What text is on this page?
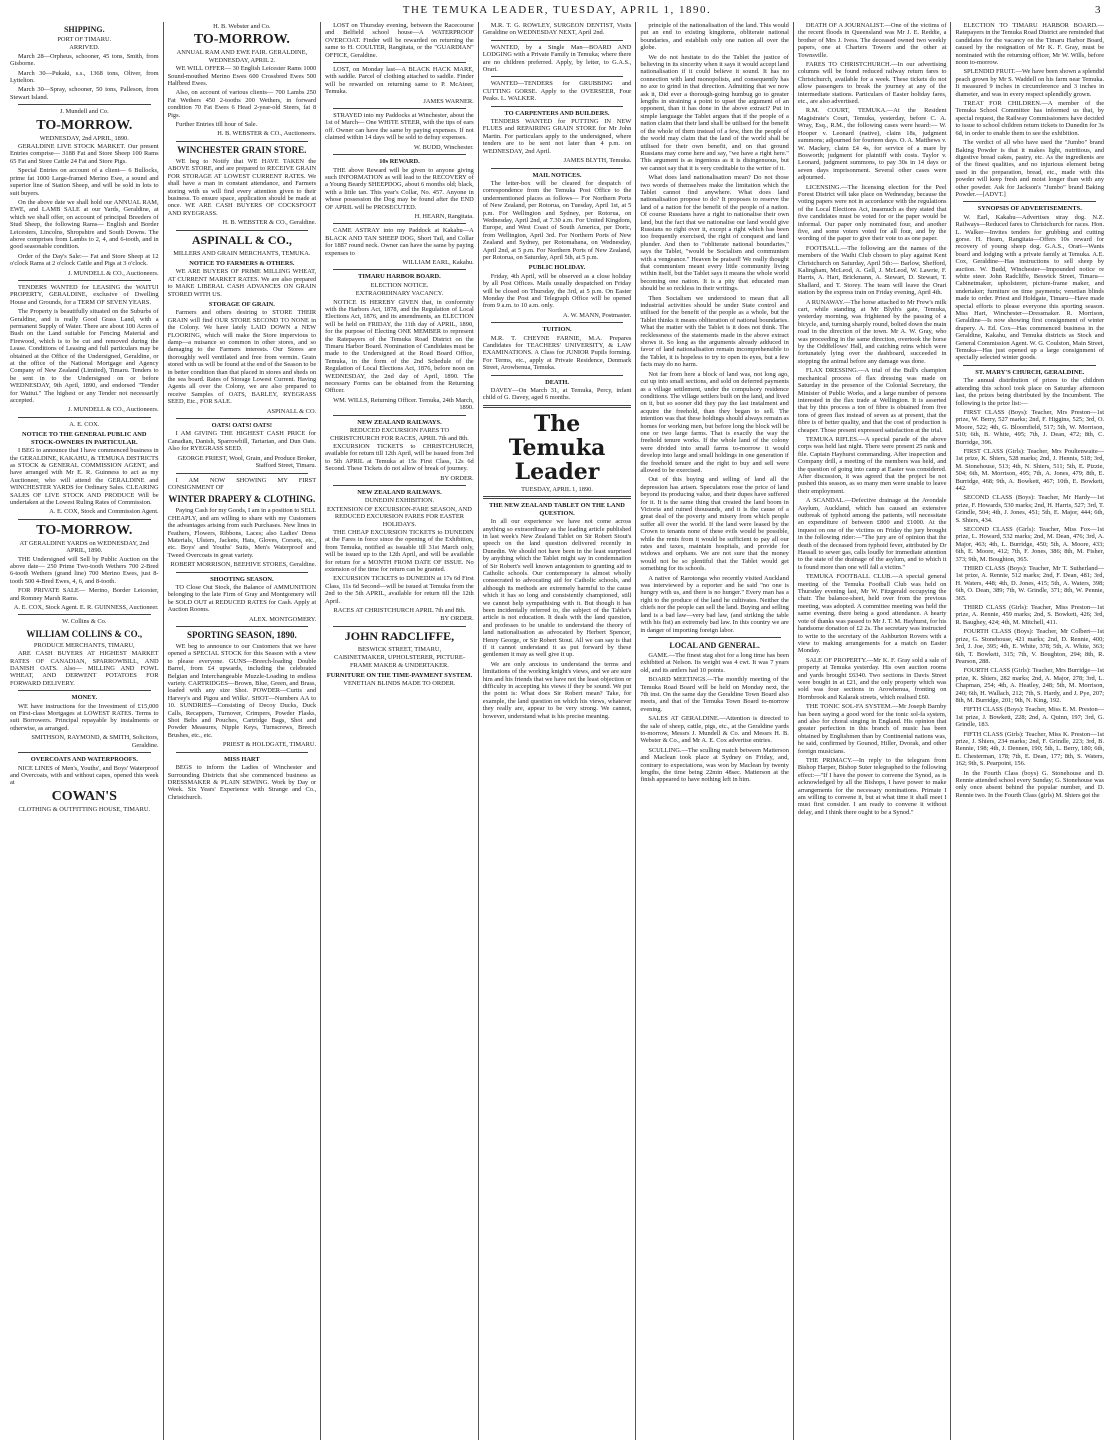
THE TEMUKA LEADER, TUESDAY, APRIL 1, 1890.	3
SHIPPING.
PORT OF TIMARU.
ARRIVED.

March 28—Orpheus, schooner, 45 tons, Smith, from Gisborne.

March 30—Pukaki, s.s., 1368 tons, Oliver, from Lyttelton.

March 30—Spray, schooner, 50 tons, Palleson, from Stewart Island.

J. Mundell and Co.
TO-MORROW.
WEDNESDAY, 2nd APRIL, 1890.

GERALDINE LIVE STOCK MARKET. Our present Entries comprise— 3188 Fat and Store Sheep 100 Rams 65 Fat and Store Cattle 24 Fat and Store Pigs.

Special Entries on account of a client— 6 Bullocks, prime fat 1000 Large-framed Merino Ewe, a sound and superior line of Station Sheep, and will be sold in lots to suit buyers.

On the above date we shall hold our ANNUAL RAM, EWE, and LAMB SALE at our Yards, Geraldine, at which we shall offer, on account of principal Breeders of Stud Sheep, the following Rams— English and Border Leicesters, Lincolns, Shropshire and South Downs. The above comprises from Lambs to 2, 4, and 6-tooth, and in good seasonable condition.

Order of the Day's Sale:— Fat and Store Sheep at 12 o'clock Rams at 2 o'clock Cattle and Pigs at 3 o'clock.

J. MUNDELL & CO., Auctioneers.

TENDERS WANTED for LEASING the WAITUI PROPERTY, GERALDINE, exclusive of Dwelling House and Grounds, for a TERM OF SEVEN YEARS.

The Property is beautifully situated on the Suburbs of Geraldine, and is really Good Grass Land, with a permanent Supply of Water. There are about 100 Acres of Bush on the Land suitable for Fencing Material and Firewood, which is to be cut and removed during the Lease. Conditions of Leasing and full particulars may be obtained at the Office of the Undersigned, Geraldine, or at the office of the National Mortgage and Agency Company of New Zealand (Limited), Timaru. Tenders to be sent in to the Undersigned on or before WEDNESDAY, 9th April, 1890, and endorsed "Tender for Waitui." The highest or any Tender not necessarily accepted.

J. MUNDELL & CO., Auctioneers.
A. E. COX.
NOTICE TO THE GENERAL PUBLIC AND STOCK-OWNERS IN PARTICULAR.

I BEG to announce that I have commenced business in the GERALDINE, KAKAHU, & TEMUKA DISTRICTS as STOCK & GENERAL COMMISSION AGENT, and have arranged with Mr E. R. Guinness to act as my Auctioneer, who will attend the GERALDINE and WINCHESTER YARDS for Ordinary Sales. CLEARING SALES OF LIVE STOCK AND PRODUCE Will be undertaken at the Lowest Ruling Rates of Commission.

A. E. COX, Stock and Commission Agent.
TO-MORROW.
AT GERALDINE YARDS on WEDNESDAY, 2nd APRIL, 1890.

THE Undersigned will Sell by Public Auction on the above date— 250 Prime Two-tooth Wethers 700 2-Bred 6-tooth Wethers (grand line) 700 Merino Ewes, just 8-tooth 500 4-Bred Ewes, 4, 6, and 8-tooth.

FOR PRIVATE SALE— Merino, Border Leicester, and Romney Marsh Rams.

A. E. COX, Stock Agent. E. R. GUINNESS, Auctioneer.
W. Collins & Co.
WILLIAM COLLINS & CO.,
PRODUCE MERCHANTS, TIMARU,

ARE CASH BUYERS AT HIGHEST MARKET RATES OF CANADIAN, SPARROWBILL, AND DANISH OATS. Also— MILLING AND FOWL WHEAT, AND DERWENT POTATOES FOR FORWARD DELIVERY.

MONEY.

WE have instructions for the Investment of £15,000 on First-class Mortgages at LOWEST RATES. Terms to suit Borrowers. Principal repayable by instalments or otherwise, as arranged.

SMITHSON, RAYMOND, & SMITH, Solicitors, Geraldine.
OVERCOATS AND WATERPROOFS.

NICE LINES of Men's, Youths', and Boys' Waterproof and Overcoats, with and without capes, opened this week at

COWAN'S
CLOTHING & OUTFITTING HOUSE, TIMARU.
H. B. Webster and Co.
TO-MORROW.
ANNUAL RAM AND EWE FAIR. GERALDINE, WEDNESDAY, APRIL 2.

WE WILL OFFER— 30 English Leicester Rams 1000 Sound-mouthed Merino Ewes 600 Crossbred Ewes 500 Halfbred Ewes.

Also, on account of various clients— 700 Lambs 250 Fat Wethers 450 2-tooths 200 Wethers, in forward condition 70 Fat Ewes 6 Head 2-year-old Steers, fat 8 Pigs.

Further Entries till hour of Sale.

H. B. WEBSTER & CO., Auctioneers.
WINCHESTER GRAIN STORE.

WE beg to Notify that WE HAVE TAKEN the ABOVE STORE, and are prepared to RECEIVE GRAIN FOR STORAGE AT LOWEST CURRENT RATES. We shall have a man in constant attendance, and Farmers storing with us will find every attention given to their business. To ensure space, application should be made at once. WE ARE CASH BUYERS OF COCKSFOOT AND RYEGRASS.

H. B. WEBSTER & CO., Geraldine.
ASPINALL & CO.,
MILLERS AND GRAIN MERCHANTS, TEMUKA.
NOTICE TO FARMERS & OTHERS.

WE ARE BUYERS OF PRIME MILLING WHEAT, AT CURRENT MARKET RATES. We are also prepared to MAKE LIBERAL CASH ADVANCES ON GRAIN STORED WITH US.

STORAGE OF GRAIN.

Farmers and others desiring to STORE THEIR GRAIN will find OUR STORE SECOND TO NONE in the Colony. We have lately LAID DOWN a NEW FLOORING, which will make the Store impervious to damp—a nuisance so common in other stores, and so damaging to the Farmers interests. Our Stores are thoroughly well ventilated and free from vermin. Grain stored with us will be found at the end of the Season to be in better condition than that placed in stores and sheds on the sea board. Rates of Storage Lowest Current. Having Agents all over the Colony, we are also prepared to receive Samples of OATS, BARLEY, RYEGRASS SEED, Etc., FOR SALE.

ASPINALL & CO.
OATS! OATS! OATS!

I AM GIVING THE HIGHEST CASH PRICE for Canadian, Danish, Sparrowbill, Tartarian, and Dun Oats. Also for RYEGRASS SEED.

GEORGE FRIEST, Wool, Grain, and Produce Broker, Stafford Street, Timaru.

I AM NOW SHOWING MY FIRST CONSIGNMENT OF

WINTER DRAPERY & CLOTHING.

Paying Cash for my Goods, I am in a position to SELL CHEAPLY, and am willing to share with my Customers the advantages arising from such Purchases. New lines in Feathers, Flowers, Ribbons, Laces; also Ladies' Dress Materials, Ulsters, Jackets, Hats, Gloves, Corsets, etc., etc. Boys' and Youths' Suits, Men's Waterproof and Tweed Overcoats in great variety.

ROBERT MORRISON, BEEHIVE STORES, Geraldine.
SHOOTING SEASON.

TO Close Out Stock, the Balance of AMMUNITION belonging to the late Firm of Gray and Montgomery will be SOLD OUT at REDUCED RATES for Cash. Apply at Auction Rooms.

ALEX. MONTGOMERY.
SPORTING SEASON, 1890.

WE beg to announce to our Customers that we have opened a SPECIAL STOCK for this Season with a view to please everyone. GUNS—Breech-loading Double Barrel, from £4 upwards, including the celebrated Belgian and Interchangeable Muzzle-Loading in endless variety. CARTRIDGES—Brown, Blue, Green, and Brass, loaded with any size Shot. POWDER—Curtis and Harvey's and Pigou and Wilks'. SHOT—Numbers AA to 10. SUNDRIES—Consisting of Decoy Ducks, Duck Calls, Recappers, Turnover, Crimpers, Powder Flasks, Shot Belts and Pouches, Cartridge Bags, Shot and Powder Measures, Nipple Keys, Turnscrews, Breech Brushes, etc., etc.

PRIEST & HOLDGATE, TIMARU.
MISS HART

BEGS to inform the Ladies of Winchester and Surrounding Districts that she commenced business as DRESSMAKER & PLAIN SEWING. Work by Day or Week. Six Years' Experience with Strange and Co., Christchurch.

LOST on Thursday evening, between the Racecourse and Belfield school house—A WATERPROOF OVERCOAT. Finder will be rewarded on returning the same to H. COULTER, Rangitata, or the "GUARDIAN" OFFICE, Geraldine.

LOST, on Monday last—A BLACK HACK MARE, with saddle. Parcel of clothing attached to saddle. Finder will be rewarded on returning same to P. McAteer, Temuka.

JAMES WARNER.

STRAYED into my Paddocks at Winchester, about the 1st of March— One WHITE STEER, with the tips of ears off. Owner can have the same by paying expenses. If not claimed within 14 days will be sold to defray expenses.

W. BUDD, Winchester.
10s REWARD.

THE above Reward will be given to anyone giving such INFORMATION as will lead to the RECOVERY of a Young Beardy SHEEPDOG, about 6 months old; black, with a little tan. This year's Collar, No. 457. Anyone in whose possession the Dog may be found after the END OF APRIL will be PROSECUTED.

H. HEARN, Rangitata.

CAME ASTRAY into my Paddock at Kakahu—A BLACK AND TAN SHEEP DOG, Short Tail, and Collar for 1887 round neck. Owner can have the same by paying expenses to

WILLIAM EARL, Kakahu.
TIMARU HARBOR BOARD.
ELECTION NOTICE.
EXTRAORDINARY VACANCY.

NOTICE IS HEREBY GIVEN that, in conformity with the Harbors Act, 1878, and the Regulation of Local Elections Act, 1876, and its amendments, an ELECTION will be held on FRIDAY, the 11th day of APRIL, 1890, for the purpose of Electing ONE MEMBER to represent the Ratepayers of the Temuka Road District on the Timaru Harbor Board. Nomination of Candidates must be made to the Undersigned at the Road Board Office, Temuka, in the form of the 2nd Schedule of the Regulation of Local Elections Act, 1876, before noon on WEDNESDAY, the 2nd day of April, 1890. The necessary Forms can be obtained from the Returning Officer.

WM. WILLS, Returning Officer. Temuka, 24th March, 1890.
NEW ZEALAND RAILWAYS.
REDUCED EXCURSION FARES TO CHRISTCHURCH FOR RACES, APRIL 7th and 8th.

EXCURSION TICKETS to CHRISTCHURCH, available for return till 12th April, will be issued from 3rd to 5th APRIL at Temuka at 15s First Class, 12s 6d Second. These Tickets do not allow of break of journey.

BY ORDER.
NEW ZEALAND RAILWAYS.
DUNEDIN EXHIBITION.
EXTENSION OF EXCURSION-FARE SEASON, AND REDUCED EXCURSION FARES FOR EASTER HOLIDAYS.

THE CHEAP EXCURSION TICKETS to DUNEDIN at the Fares in force since the opening of the Exhibition, from Temuka, notified as issuable till 31st March only, will be issued up to the 12th April, and will be available for return for a MONTH FROM DATE OF ISSUE. No extension of the time for return can be granted.

EXCURSION TICKETS to DUNEDIN at 17s 6d First Class, 11s 6d Second—will be issued at Temuka from the 2nd to the 5th APRIL, available for return till the 12th April.

RACES AT CHRISTCHURCH APRIL 7th and 8th.
BY ORDER.
JOHN RADCLIFFE,
BESWICK STREET, TIMARU,
CABINETMAKER, UPHOLSTERER, PICTURE-FRAME MAKER & UNDERTAKER.
FURNITURE ON THE TIME-PAYMENT SYSTEM.
VENETIAN BLINDS MADE TO ORDER.

M.R. T. G. ROWLEY, SURGEON DENTIST, Visits Geraldine on WEDNESDAY NEXT, April 2nd.

WANTED, by a Single Man—BOARD AND LODGING with a Private Family in Temuka; where there are no children preferred. Apply, by letter, to G.A.S., Orari.

WANTED—TENDERS for GRUBBING and CUTTING GORSE. Apply to the OVERSEER, Four Peaks. L. WALKER.

TO CARPENTERS AND BUILDERS.

TENDERS WANTED for PUTTING IN NEW FLUES and REPAIRING GRAIN STORE for Mr John Martin. For particulars apply to the undersigned, where tenders are to be sent not later than 4 p.m. on WEDNESDAY, 2nd April.

JAMES BLYTH, Temuka.
MAIL NOTICES.

The letter-box will be cleared for despatch of correspondence from the Temuka Post Office to the undermentioned places as follows— For Northern Ports of New Zealand, per Rotorua, on Tuesday, April 1st, at 5 p.m. For Wellington and Sydney, per Rotorua, on Wednesday, April 2nd, at 7.30 a.m. For United Kingdom, Europe, and West Coast of South America, per Doric, from Wellington, April 3rd. For Northern Ports of New Zealand and Sydney, per Rotomahana, on Wednesday, April 2nd, at 5 p.m. For Northern Ports of New Zealand, per Rotorua, on Saturday, April 5th, at 5 p.m.

PUBLIC HOLIDAY.

Friday, 4th April, will be observed as a close holiday by all Post Offices. Mails usually despatched on Friday will be closed on Thursday, the 3rd, at 5 p.m. On Easter Monday the Post and Telegraph Office will be opened from 9 a.m. to 10 a.m. only.

A. W. MANN, Postmaster.
TUITION.

M.R. T. CHEYNE FARNIE, M.A. Prepares Candidates for TEACHERS' UNIVERSITY, & LAW EXAMINATIONS. A Class for JUNIOR Pupils forming. For Terms, etc., apply at Private Residence, Denmark Street, Arowhenua, Temuka.

DEATH.

DAVEY—On March 31, at Temuka, Percy, infant child of G. Davey, aged 6 months.

The Temuka Leader
TUESDAY, APRIL 1, 1890.
THE NEW ZEALAND TABLET ON THE LAND QUESTION.

In all our experience we have not come across anything so extraordinary as the leading article published in last week's New Zealand Tablet on Sir Robert Stout's speech on the land question delivered recently in Dunedin. We should not have been in the least surprised by anything which the Tablet might say in condemnation of Sir Robert's well known antagonism to granting aid to Catholic schools. Our contemporary is almost wholly consecrated to advocating aid for Catholic schools, and although its methods are extremely harmful to the cause which it has so long and consistently championed, still we cannot help sympathising with it. But though it has been incidentally referred to, the subject of the Tablet's article is not education. It deals with the land question, and professes to be unable to understand the theory of land nationalisation as advocated by Herbert Spencer, Henry George, or Sir Robert Stout. All we can say is that if it cannot understand it as put forward by these gentlemen it may as well give it up.

We are only anxious to understand the terms and limitations of the working knight's views, and we are sure him and his friends that we have not the least objection or difficulty in accepting his views if they be sound. We put the point is: What does Sir Robert mean? Take, for example, the land question on which his views, whatever they really are, appear to be very strong. We cannot, however, understand what is his precise meaning.

principle of the nationalisation of the land. This would put an end to existing kingdoms, obliterate national boundaries, and establish only one nation all over the globe.

We do not hesitate to do the Tablet the justice of believing in its sincerity when it says it would accept land nationalisation if it could believe it sound. It has no connection with land monopolists, and consequently has no axe to grind in that direction. Admitting that we now ask it, Did ever a thorough-going humbug go to greater lengths in straining a point to upset the argument of an opponent, than it has done in the above extract? Put in simple language the Tablet argues that if the people of a nation claim that their land shall be utilised for the benefit of the whole of them instead of a few, then the people of the world may claim that the land of the world shall be utilised for their own benefit, and on that ground Russians may come here and say, "we have a right here." This argument is as ingenious as it is disingenuous, but we cannot say that it is very creditable to the writer of it.

What does land nationalisation mean? Do not those two words of themselves make the limitation which the Tablet cannot find anywhere. What does land nationalisation propose to do? It proposes to reserve the land of a nation for the benefit of the people of a nation. Of course Russians have a right to nationalise their own land, but the fact that we nationalise our land would give Russians no right over it, except a right which has been too frequently exercised, the right of conquest and land plunder. And then to "obliterate national boundaries," says the Tablet, "would be Socialism and communism with a vengeance." Heaven be praised! We really thought that communism meant every little community living within itself, but the Tablet says it means the whole world becoming one nation. It is a pity that educated man should be so reckless in their writings.

Then Socialism we understood to mean that all industrial activities should be under State control and utilised for the benefit of the people as a whole, but the Tablet thinks it means obliteration of national boundaries. What the matter with the Tablet is it does not think. The recklessness of the statements made in the above extract shows it. So long as the arguments already adduced in favor of land nationalisation remain incomprehensible to the Tablet, it is hopeless to try to open its eyes, but a few facts may do no harm.

Not far from here a block of land was, not long ago, cut up into small sections, and sold on deferred payments as a village settlement, under the compulsory residence conditions. The village settlers built on the land, and lived on it, but so sooner did they pay the last instalment and acquire the freehold, than they began to sell. The intention was that these holdings should always remain as homes for working men, but before long the block will be one or two large farms. That is exactly the way the freehold tenure works. If the whole land of the colony were divided into small farms to-morrow it would develop into large and small holdings in one generation if the freehold tenure and the right to buy and sell were allowed to be exercised.

Out of this buying and selling of land all the depression has arisen. Speculators rose the price of land beyond its producing value, and their dupes have suffered for it. It is the same thing that created the land boom in Victoria and ruined thousands, and it is the cause of a great deal of the poverty and misery from which people suffer all over the world. If the land were leased by the Crown to tenants none of these evils would be possible, while the rents from it would be sufficient to pay all our rates and taxes, maintain hospitals, and provide for widows and orphans. We are not sure that the money would not be so plentiful that the Tablet would get something for its schools.

A native of Rarotonga who recently visited Auckland was interviewed by a reporter and he said "no one is hungry with us, and there is no hunger." Every man has a right to the produce of the land he cultivates. Neither the chiefs nor the people can sell the land. Buying and selling land is a bad law—very bad law, (and striking the table with his fist) an extremely bad law. In this country we are in danger of importing foreign labor.

LOCAL AND GENERAL.

GAME.—The finest stag shot for a long time has been exhibited at Nelson. Its weight was 4 cwt. It was 7 years old, and its antlers had 10 points.

BOARD MEETINGS.—The monthly meeting of the Temuka Road Board will be held on Monday next, the 7th inst. On the same day the Geraldine Town Board also meets, and that of the Temuka Town Board to-morrow evening.

SALES AT GERALDINE.—Attention is directed to the sale of sheep, cattle, pigs, etc., at the Geraldine yards to-morrow, Messrs J. Mundell & Co. and Messrs H. B. Webster & Co., and Mr A. E. Cox advertise entries.

SCULLING.—The sculling match between Matterson and Maclean took place at Sydney on Friday, and, contrary to expectations, was won by Maclean by twenty lengths, the time being 22min 48sec. Matterson at the finish appeared to have nothing left in him.

DEATH OF A JOURNALIST.—One of the victims of the recent floods in Queensland was Mr J. E. Reddie, a brother of Mrs J. Ivess. The deceased owned two weekly papers, one at Charters Towers and the other at Townsville.

FARES TO CHRISTCHURCH.—In our advertising columns will be found reduced railway return fares to Christchurch, available for a week. These tickets do not allow passengers to break the journey at any of the intermediate stations. Particulars of Easter holiday fares, etc., are also advertised.

R.M. COURT, TEMUKA.—At the Resident Magistrate's Court, Temuka, yesterday, before C. A. Wray, Esq., R.M., the following cases were heard:— W. Hooper v. Leonard (native), claim 18s, judgment summons; adjourned for fourteen days. O. A. Matthews v. W. Mackey, claim £4 4s, for service of a mare by Bosworth; judgment for plaintiff with costs. Taylor v. Leonard, judgment summons, to pay 30s in 14 days or seven days imprisonment. Several other cases were adjourned.

LICENSING.—The licensing election for the Peel Forest District will take place on Wednesday, because the voting papers were not in accordance with the regulations of the Local Elections Act, inasmuch as they stated that five candidates must be voted for or the paper would be informal. Our paper only nominated four, and another five, and some voters voted for all four, and by the wording of the paper to give their vote to as one paper.

FOOTBALL.—The following are the names of the members of the Waihi Club chosen to play against Kent Christchurch on Saturday, April 5th:— Barlow, Shefford, Kalingham, McLeod, A. Gell, J. McLeod, W. Lawrie, F. Harris, A. Hart, Brickmann, A. Stewart, D. Stewart, T. Shallard, and T. Storey. The team will leave the Orari station by the express train on Friday evening, April 4th.

A RUNAWAY.—The horse attached to Mr Frew's milk cart, while standing at Mr Blyth's gate, Temuka, yesterday morning, was frightened by the passing of a bicycle, and, turning sharply round, bolted down the main road in the direction of the town. Mr A. W. Gray, who was proceeding in the same direction, overtook the horse by the Oddfellows' Hall, and catching reins which were fortunately lying over the dashboard, succeeded in stopping the animal before any damage was done.

FLAX DRESSING.—A trial of the Bull's champion mechanical process of flax dressing was made on Saturday in the presence of the Colonial Secretary, the Minister of Public Works, and a large number of persons interested in the flax trade at Wellington. It is asserted that by this process a ton of fibre is obtained from five tons of green flax instead of seven as at present, that the fibre is of better quality, and that the cost of production is cheaper. Those present expressed satisfaction at the trial.

TEMUKA RIFLES.—A special parade of the above corps was held last night. There were present 25 rank and file. Captain Hayhurst commanding. After inspection and Company drill, a meeting of the members was held, and the question of going into camp at Easter was considered. After discussion, it was agreed that the project be not pushed this season, as so many men were unable to leave their employment.

A SCANDAL.—Defective drainage at the Avondale Asylum, Auckland, which has caused an extensive outbreak of typhoid among the patients, will necessitate an expenditure of between £800 and £1000. At the inquest on one of the victims on Friday the jury brought in the following rider:—"The jury are of opinion that the death of the deceased from typhoid fever, attributed by Dr Hassall to sewer gas, calls loudly for immediate attention to the state of the drainage of the asylum, and to which it is found more than one will fall a victim."

TEMUKA FOOTBALL CLUB.—A special general meeting of the Temuka Football Club was held on Thursday evening last, Mr W. Fitzgerald occupying the chair. The balance-sheet, held over from the previous meeting, was adopted. A committee meeting was held the same evening, there being a good attendance. A hearty vote of thanks was passed to Mr J. T. M. Hayhurst, for his handsome donation of £2 2s. The secretary was instructed to write to the secretary of the Ashburton Rovers with a view to making arrangements for a match on Easter Monday.

SALE OF PROPERTY.—Mr K. F. Gray sold a sale of property at Temuka yesterday. His own auction rooms and yards brought £6340. Two sections in Davis Street were bought in at £21, and the only property which was sold was four sections in Arowhenua, fronting on Hornbrook and Kalarak streets, which realised £60.

THE TONIC SOL-FA SYSTEM.—Mr Joseph Barnby has been saying a good word for the tonic sol-fa system, and also for choral singing in England. His opinion that greater perfection in this branch of music has been obtained by Englishmen than by Continental nations was, he said, confirmed by Gounod, Hiller, Dvorak, and other foreign musicians.

THE PRIMACY.—In reply to the telegram from Bishop Harper, Bishop Suter telegraphed to the following effect:—"If I have the power to convene the Synod, as is acknowledged by all the Bishops, I have power to make arrangements for the necessary nominations. Primate I am willing to convene it, but at what time it shall meet I must first consider. I am ready to convene it without delay, and I think there ought to be a Synod."

ELECTION TO TIMARU HARBOR BOARD.—Ratepayers in the Temuka Road District are reminded that candidates for the vacancy on the Timaru Harbor Board, caused by the resignation of Mr K. F. Gray, must be nominated with the returning officer, Mr W. Wills, before noon to-morrow.

SPLENDID FRUIT.—We have been shown a splendid peach grown by Mr S. Waddell on his farm near Temuka. It measured 9 inches in circumference and 3 inches in diameter, and was in every respect splendidly grown.

TREAT FOR CHILDREN.—A member of the Temuka School Committee has informed us that, by special request, the Railway Commissioners have decided to issue to school children return tickets to Dunedin for 3s 6d, in order to enable them to see the exhibition.

The verdict of all who have used the "Jumbo" brand Baking Powder is that it makes light, nutritious, and digestive bread cakes, pastry, etc. As the ingredients are of the finest qualities, and no injurious element being used in the preparation, bread, etc., made with this powder will keep fresh and moist longer than with any other powder. Ask for Jackson's "Jumbo" brand Baking Powder.—[ADVT.]

SYNOPSIS OF ADVERTISEMENTS.

W. Earl, Kakahu—Advertises stray dog. N.Z. Railways—Reduced fares to Christchurch for races. Hon. L. Walker—Invites tenders for grubbing and cutting gorse. H. Hearn, Rangitata—Offers 10s reward for recovery of young sheep dog. G.A.S., Orari—Wants board and lodging with a private family at Temuka. A.E. Cox, Geraldine—Has instructions to sell sheep by auction. W. Budd, Winchester—Impounded notice re white steer. John Radcliffe, Beswick Street, Timaru—Cabinetmaker, upholsterer, picture-frame maker, and undertaker; furniture on time payments; venetian blinds made to order. Priest and Holdgate, Timaru—Have made special efforts to please everyone this sporting season. Miss Hart, Winchester—Dressmaker. R. Morrison, Geraldine—Is now showing first consignment of winter drapery. A. Ed. Cox—Has commenced business in the Geraldine, Kakahu, and Temuka districts as Stock and General Commission Agent. W. G. Coulston, Main Street, Temuka—Has just opened up a large consignment of specially selected winter goods.

ST. MARY'S CHURCH, GERALDINE.

The annual distribution of prizes to the children attending this school took place on Saturday afternoon last, the prizes being distributed by the Incumbent. The following is the prize list:—

FIRST CLASS (Boys): Teacher, Mrs Preston—1st prize, W. Berry, 527 marks; 2nd, F. Higgins, 525; 3rd, O. Moore, 522; 4th, G. Bloomfield, 517; 5th, W. Morrison, 510; 6th, B. White, 495; 7th, J. Dean, 472; 8th, C. Burridge, 396.

FIRST CLASS (Girls): Teacher, Mrs Poultenwaite—1st prize, K. Shiers, 528 marks; 2nd, J. Hennis, 518; 3rd, M. Stonehouse, 513; 4th, N. Shiers, 511; 5th, E. Pizzie, 504; 6th, M. Morrison, 495; 7th, A. Jones, 479; 8th, E. Burridge, 468; 9th, A. Bowkett, 467; 10th, E. Bowkett, 442.

SECOND CLASS (Boys): Teacher, Mr Hardy—1st prize, F. Howards, 530 marks; 2nd, H. Harris, 527; 3rd, T. Grindle, 504; 4th, J. Jones, 451; 5th, E. Major, 444; 6th, S. Shiers, 434.

SECOND CLASS (Girls): Teacher, Miss Fox—1st prize, L. Howard, 532 marks; 2nd, M. Dean, 476; 3rd, A. Major, 463; 4th, L. Burridge, 450; 5th, A. Moore, 433; 6th, E. Moore, 412; 7th, F. Jones, 386; 8th, M. Fisher, 373; 9th, M. Boughton, 365.

THIRD CLASS (Boys): Teacher, Mr T. Sutherland—1st prize, A. Rennie, 512 marks; 2nd, F. Dean, 481; 3rd, H. Waters, 448; 4th, D. Jones, 415; 5th, A. Waters, 398; 6th, O. Dean, 389; 7th, W. Grindle, 371; 8th, W. Pennie, 365.

THIRD CLASS (Girls): Teacher, Miss Preston—1st prize, A. Rennie, 459 marks; 2nd, S. Bowkett, 426; 3rd, R. Baughey, 424; 4th, M. Mitchell, 411.

FOURTH CLASS (Boys): Teacher, Mr Colbert—1st prize, G. Stonehouse, 421 marks; 2nd, D. Rennie, 400; 3rd, J. Joe, 395; 4th, E. White, 378; 5th, A. White, 363; 6th, T. Bowkett, 315; 7th, V. Boughton, 294; 8th, R. Pearson, 288.

FOURTH CLASS (Girls): Teacher, Mrs Burridge—1st prize, K. Shiers, 282 marks; 2nd, A. Major, 278; 3rd, L. Chapman, 254; 4th, A. Heatley, 248; 5th, M. Morrison, 240; 6th, H. Wallach, 212; 7th, S. Hardy, and J. Pye, 207; 8th, M. Burridge, 201; 9th, N. King, 192.

FIFTH CLASS (Boys): Teacher, Miss E. M. Preston—1st prize, J. Bowkett, 228; 2nd, A. Quinn, 197; 3rd, G. Grindle, 183.

FIFTH CLASS (Girls): Teacher, Miss K. Preston—1st prize, J. Shiers, 234 marks; 2nd, F. Grindle, 223; 3rd, B. Rennie, 198; 4th, J. Dennen, 190; 5th, L. Berry, 180; 6th, E. Chesterman, 178; 7th, E. Dean, 177; 8th, S. Waters, 162; 9th, S. Pearpoint, 156.

In the Fourth Class (boys) G. Stonehouse and D. Rennie attended school every Sunday; G. Stonehouse was only once absent behind the popular number, and D. Rennie two. In the Fourth Class (girls) M. Shiers got the
